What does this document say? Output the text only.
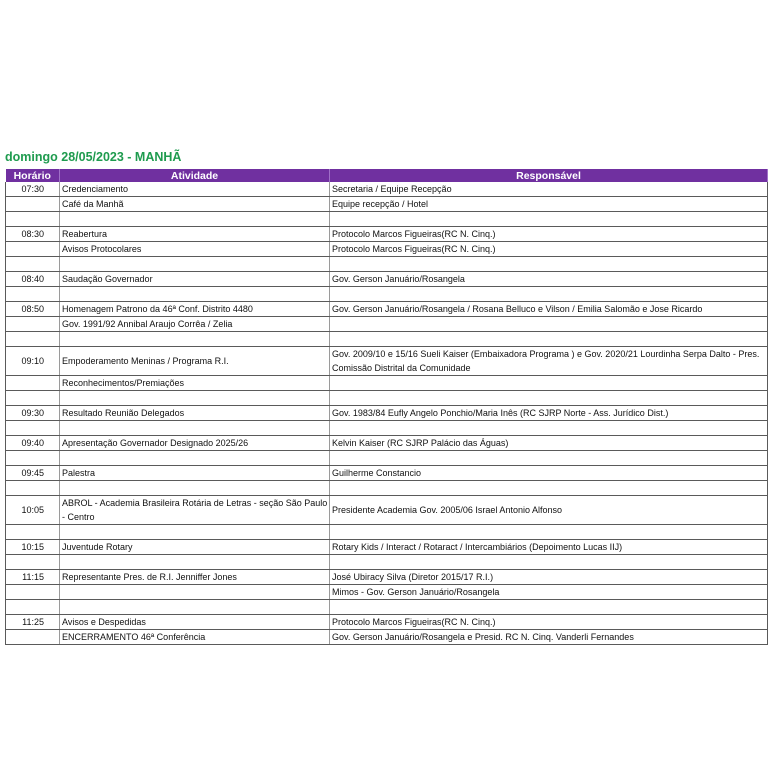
domingo 28/05/2023 - MANHÃ
Horário	Atividade	Responsável
07:30	Credenciamento	Secretaria / Equipe Recepção
	Café da Manhã	Equipe recepção / Hotel

08:30	Reabertura	Protocolo Marcos Figueiras(RC N. Cinq.)
	Avisos Protocolares	Protocolo Marcos Figueiras(RC N. Cinq.)

08:40	Saudação Governador	Gov. Gerson Januário/Rosangela

08:50	Homenagem Patrono da 46ª Conf. Distrito 4480	Gov. Gerson Januário/Rosangela / Rosana Belluco e Vilson / Emilia Salomão e Jose Ricardo
	Gov. 1991/92 Annibal Araujo Corrêa / Zelia	

09:10	Empoderamento Meninas / Programa R.I.	Gov. 2009/10 e 15/16 Sueli Kaiser (Embaixadora Programa ) e Gov. 2020/21 Lourdinha Serpa Dalto - Pres. Comissão Distrital da Comunidade
	Reconhecimentos/Premiações	

09:30	Resultado Reunião Delegados	Gov. 1983/84 Eufly Angelo Ponchio/Maria Inês (RC SJRP Norte - Ass. Jurídico Dist.)

09:40	Apresentação Governador Designado 2025/26	Kelvin Kaiser (RC SJRP Palácio das Águas)

09:45	Palestra	Guilherme Constancio

10:05	ABROL - Academia Brasileira Rotária de Letras - seção São Paulo - Centro	Presidente Academia Gov. 2005/06 Israel Antonio Alfonso

10:15	Juventude Rotary	Rotary Kids / Interact / Rotaract / Intercambiários (Depoimento Lucas IIJ)

11:15	Representante Pres. de R.I. Jenniffer Jones	José Ubiracy Silva (Diretor 2015/17 R.I.)
		Mimos - Gov. Gerson Januário/Rosangela

11:25	Avisos e Despedidas	Protocolo Marcos Figueiras(RC N. Cinq.)
	ENCERRAMENTO 46ª Conferência	Gov. Gerson Januário/Rosangela e Presid. RC N. Cinq. Vanderli Fernandes
